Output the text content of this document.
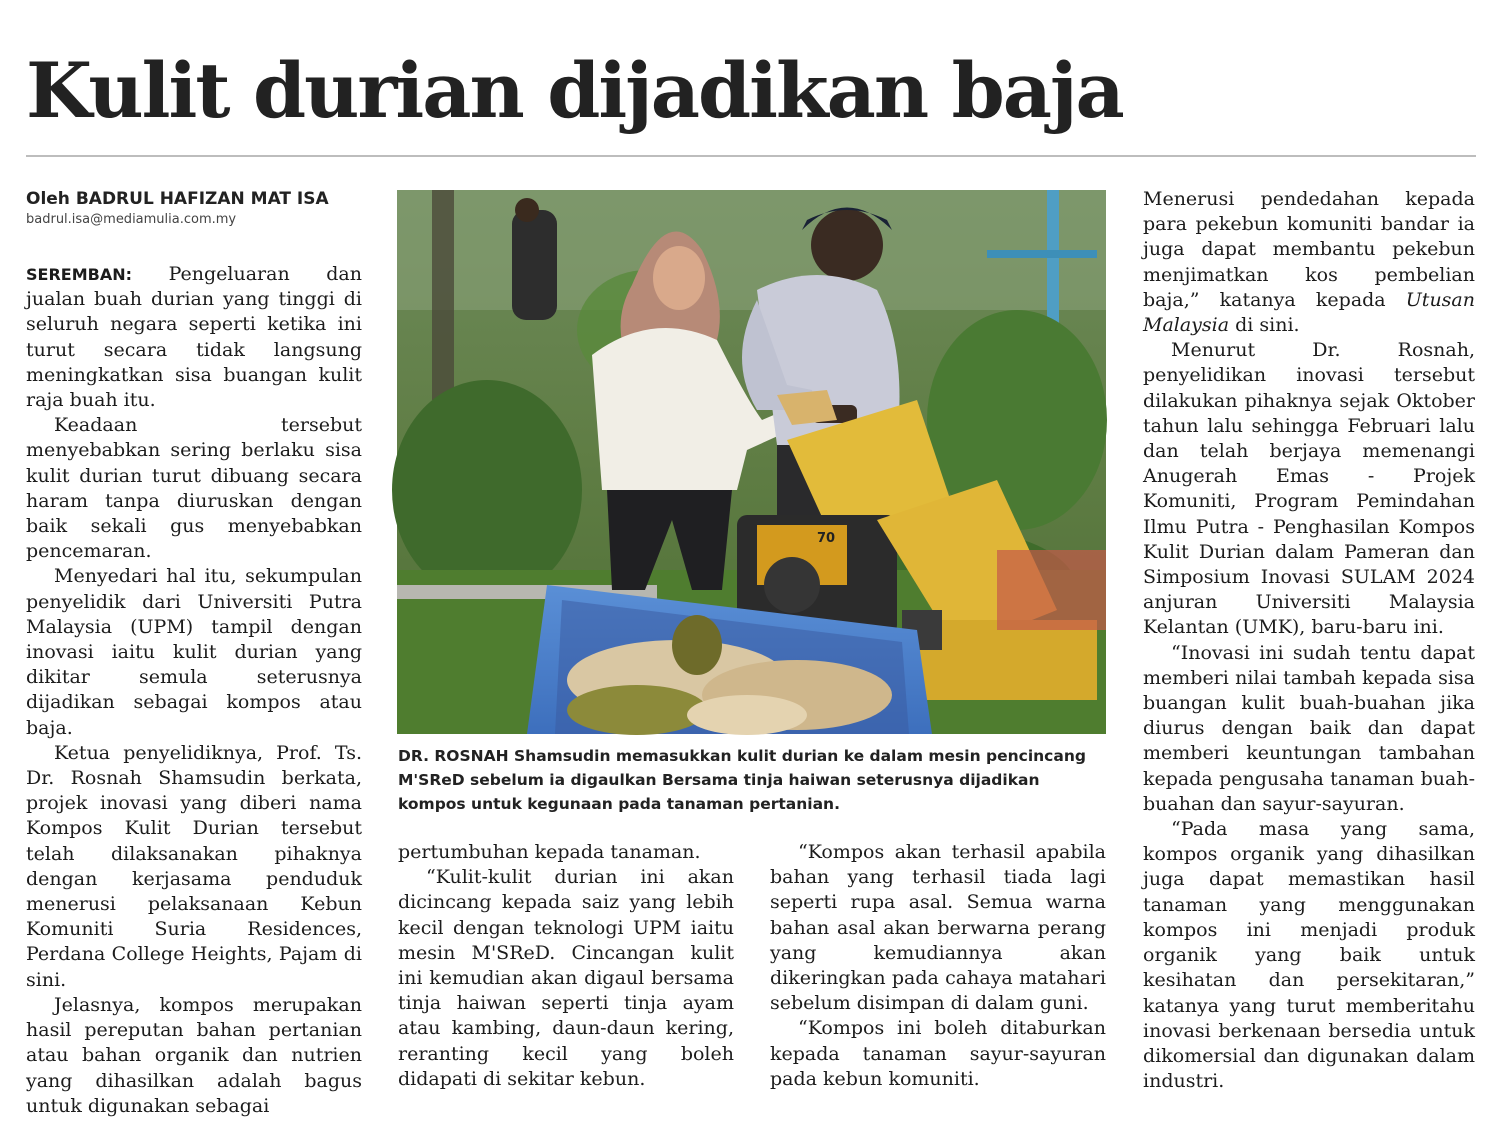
Kulit durian dijadikan baja
Oleh BADRUL HAFIZAN MAT ISA
badrul.isa@mediamulia.com.my

SEREMBAN: Pengeluaran dan jualan buah durian yang tinggi di seluruh negara seperti ketika ini turut secara tidak langsung meningkatkan sisa buangan kulit raja buah itu.

Keadaan tersebut menyebabkan sering berlaku sisa kulit durian turut dibuang secara haram tanpa diuruskan dengan baik sekali gus menyebabkan pencemaran.

Menyedari hal itu, sekumpulan penyelidik dari Universiti Putra Malaysia (UPM) tampil dengan inovasi iaitu kulit durian yang dikitar semula seterusnya dijadikan sebagai kompos atau baja.

Ketua penyelidiknya, Prof. Ts. Dr. Rosnah Shamsudin berkata, projek inovasi yang diberi nama Kompos Kulit Durian tersebut telah dilaksanakan pihaknya dengan kerjasama penduduk menerusi pelaksanaan Kebun Komuniti Suria Residences, Perdana College Heights, Pajam di sini.

Jelasnya, kompos merupakan hasil pereputan bahan pertanian atau bahan organik dan nutrien yang dihasilkan adalah bagus untuk digunakan sebagai

70

DR. ROSNAH Shamsudin memasukkan kulit durian ke dalam mesin pencincang M'SReD sebelum ia digaulkan Bersama tinja haiwan seterusnya dijadikan kompos untuk kegunaan pada tanaman pertanian.

pertumbuhan kepada tanaman.

“Kulit-kulit durian ini akan dicincang kepada saiz yang lebih kecil dengan teknologi UPM iaitu mesin M'SReD. Cincangan kulit ini kemudian akan digaul bersama tinja haiwan seperti tinja ayam atau kambing, daun-daun kering, reranting kecil yang boleh didapati di sekitar kebun.

“Kompos akan terhasil apabila bahan yang terhasil tiada lagi seperti rupa asal. Semua warna bahan asal akan berwarna perang yang kemudiannya akan dikeringkan pada cahaya matahari sebelum disimpan di dalam guni.

“Kompos ini boleh ditaburkan kepada tanaman sayur-sayuran pada kebun komuniti.

Menerusi pendedahan kepada para pekebun komuniti bandar ia juga dapat membantu pekebun menjimatkan kos pembelian baja,” katanya kepada Utusan Malaysia di sini.

Menurut Dr. Rosnah, penyelidikan inovasi tersebut dilakukan pihaknya sejak Oktober tahun lalu sehingga Februari lalu dan telah berjaya memenangi Anugerah Emas - Projek Komuniti, Program Pemindahan Ilmu Putra - Penghasilan Kompos Kulit Durian dalam Pameran dan Simposium Inovasi SULAM 2024 anjuran Universiti Malaysia Kelantan (UMK), baru-baru ini.

“Inovasi ini sudah tentu dapat memberi nilai tambah kepada sisa buangan kulit buah-buahan jika diurus dengan baik dan dapat memberi keuntungan tambahan kepada pengusaha tanaman buah-buahan dan sayur-sayuran.

“Pada masa yang sama, kompos organik yang dihasilkan juga dapat memastikan hasil tanaman yang menggunakan kompos ini menjadi produk organik yang baik untuk kesihatan dan persekitaran,” katanya yang turut memberitahu inovasi berkenaan bersedia untuk dikomersial dan digunakan dalam industri.
